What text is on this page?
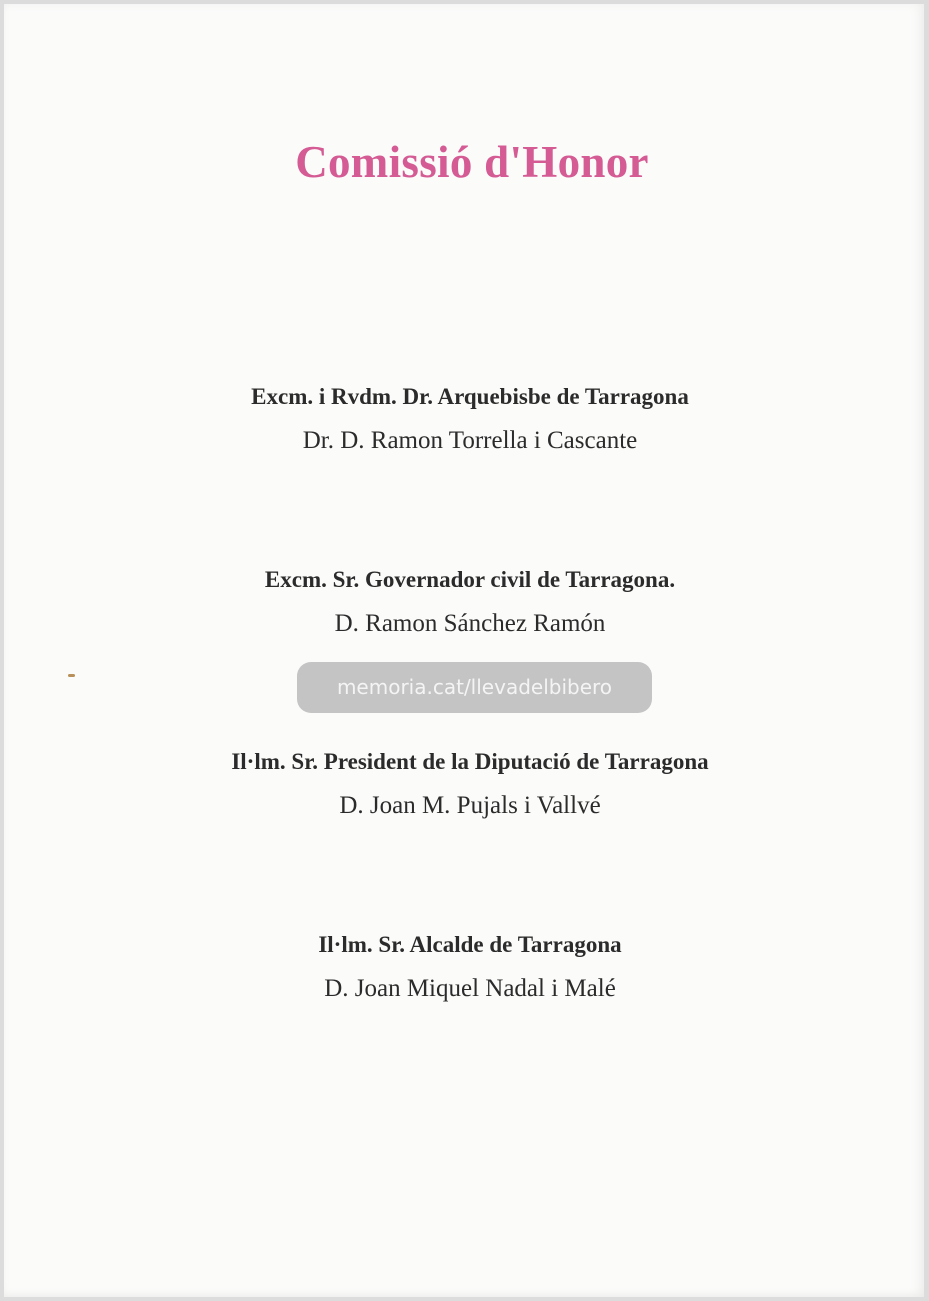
Comissió d'Honor
Excm. i Rvdm. Dr. Arquebisbe de Tarragona
Dr. D. Ramon Torrella i Cascante
Excm. Sr. Governador civil de Tarragona.
D. Ramon Sánchez Ramón
Il·lm. Sr. President de la Diputació de Tarragona
D. Joan M. Pujals i Vallvé
Il·lm. Sr. Alcalde de Tarragona
D. Joan Miquel Nadal i Malé
memoria.cat/llevadelbibero
